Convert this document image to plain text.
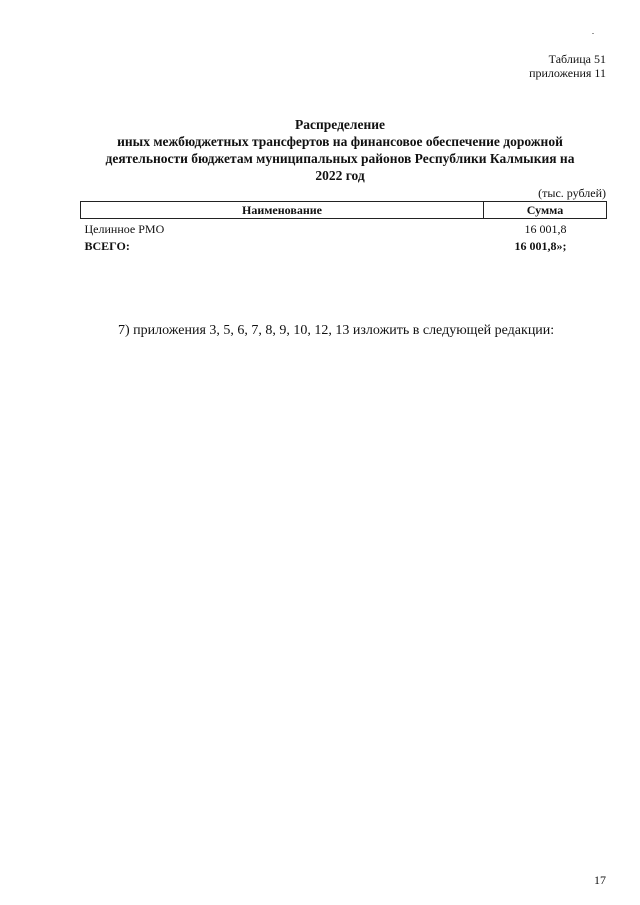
Таблица 51
приложения 11
Распределение
иных межбюджетных трансфертов на финансовое обеспечение дорожной
деятельности бюджетам муниципальных районов Республики Калмыкия на
2022 год
(тыс. рублей)
Наименование	Сумма
Целинное РМО	16 001,8
ВСЕГО:	16 001,8»;
7) приложения 3, 5, 6, 7, 8, 9, 10, 12, 13 изложить в следующей редакции:
17
